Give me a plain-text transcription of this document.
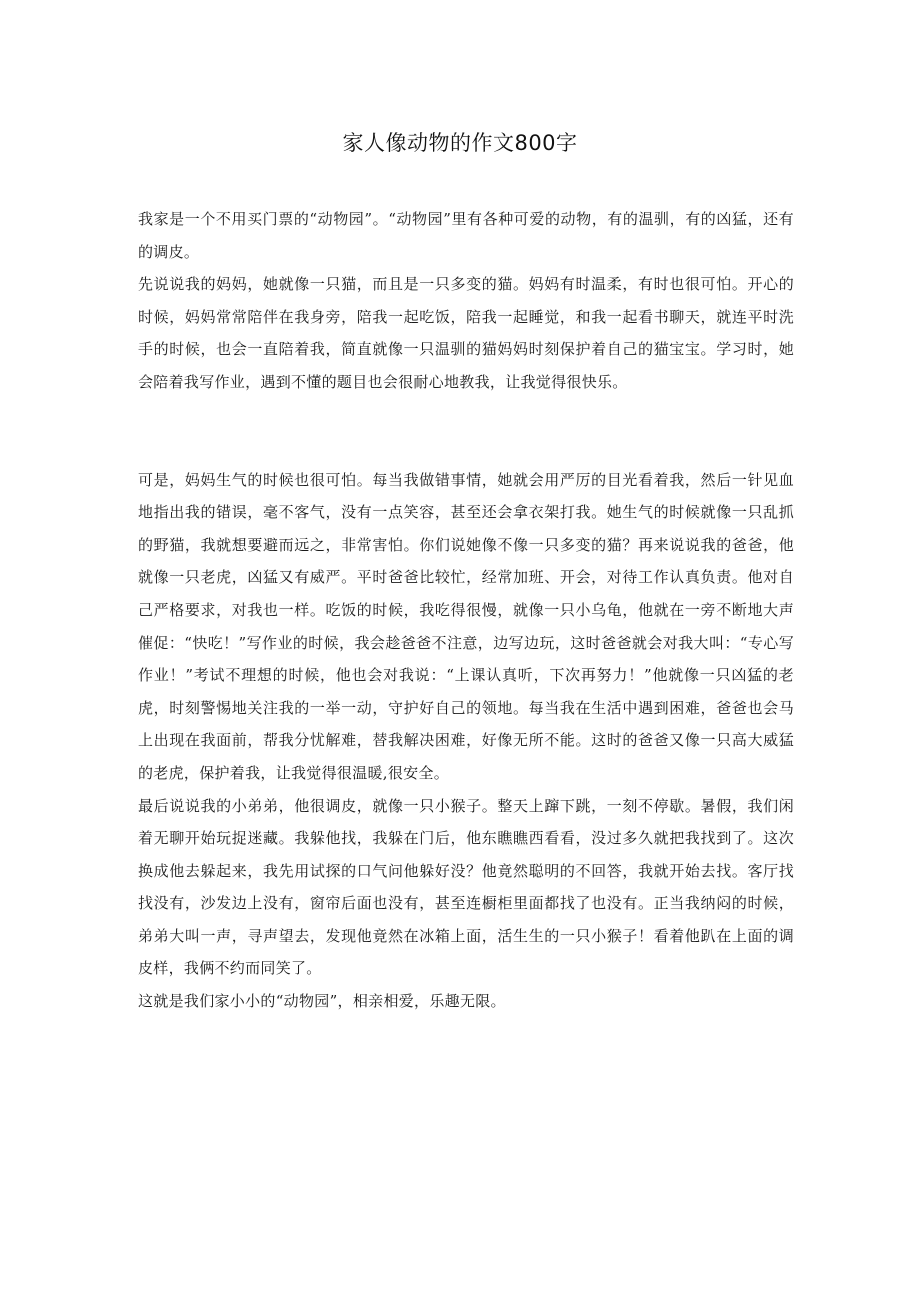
家人像动物的作文800字

我家是一个不用买门票的“动物园”。“动物园”里有各种可爱的动物，有的温驯，有的凶猛，还有的调皮。

先说说我的妈妈，她就像一只猫，而且是一只多变的猫。妈妈有时温柔，有时也很可怕。开心的时候，妈妈常常陪伴在我身旁，陪我一起吃饭，陪我一起睡觉，和我一起看书聊天，就连平时洗手的时候，也会一直陪着我，简直就像一只温驯的猫妈妈时刻保护着自己的猫宝宝。学习时，她会陪着我写作业，遇到不懂的题目也会很耐心地教我，让我觉得很快乐。

可是，妈妈生气的时候也很可怕。每当我做错事情，她就会用严厉的目光看着我，然后一针见血地指出我的错误，毫不客气，没有一点笑容，甚至还会拿衣架打我。她生气的时候就像一只乱抓的野猫，我就想要避而远之，非常害怕。你们说她像不像一只多变的猫？再来说说我的爸爸，他就像一只老虎，凶猛又有威严。平时爸爸比较忙，经常加班、开会，对待工作认真负责。他对自己严格要求，对我也一样。吃饭的时候，我吃得很慢，就像一只小乌龟，他就在一旁不断地大声催促：“快吃！”写作业的时候，我会趁爸爸不注意，边写边玩，这时爸爸就会对我大叫：“专心写作业！”考试不理想的时候，他也会对我说：“上课认真听，下次再努力！”他就像一只凶猛的老虎，时刻警惕地关注我的一举一动，守护好自己的领地。每当我在生活中遇到困难，爸爸也会马上出现在我面前，帮我分忧解难，替我解决困难，好像无所不能。这时的爸爸又像一只高大威猛的老虎，保护着我，让我觉得很温暖,很安全。

最后说说我的小弟弟，他很调皮，就像一只小猴子。整天上蹿下跳，一刻不停歇。暑假，我们闲着无聊开始玩捉迷藏。我躲他找，我躲在门后，他东瞧瞧西看看，没过多久就把我找到了。这次换成他去躲起来，我先用试探的口气问他躲好没？他竟然聪明的不回答，我就开始去找。客厅找找没有，沙发边上没有，窗帘后面也没有，甚至连橱柜里面都找了也没有。正当我纳闷的时候，弟弟大叫一声，寻声望去，发现他竟然在冰箱上面，活生生的一只小猴子！看着他趴在上面的调皮样，我俩不约而同笑了。

这就是我们家小小的“动物园”，相亲相爱，乐趣无限。
